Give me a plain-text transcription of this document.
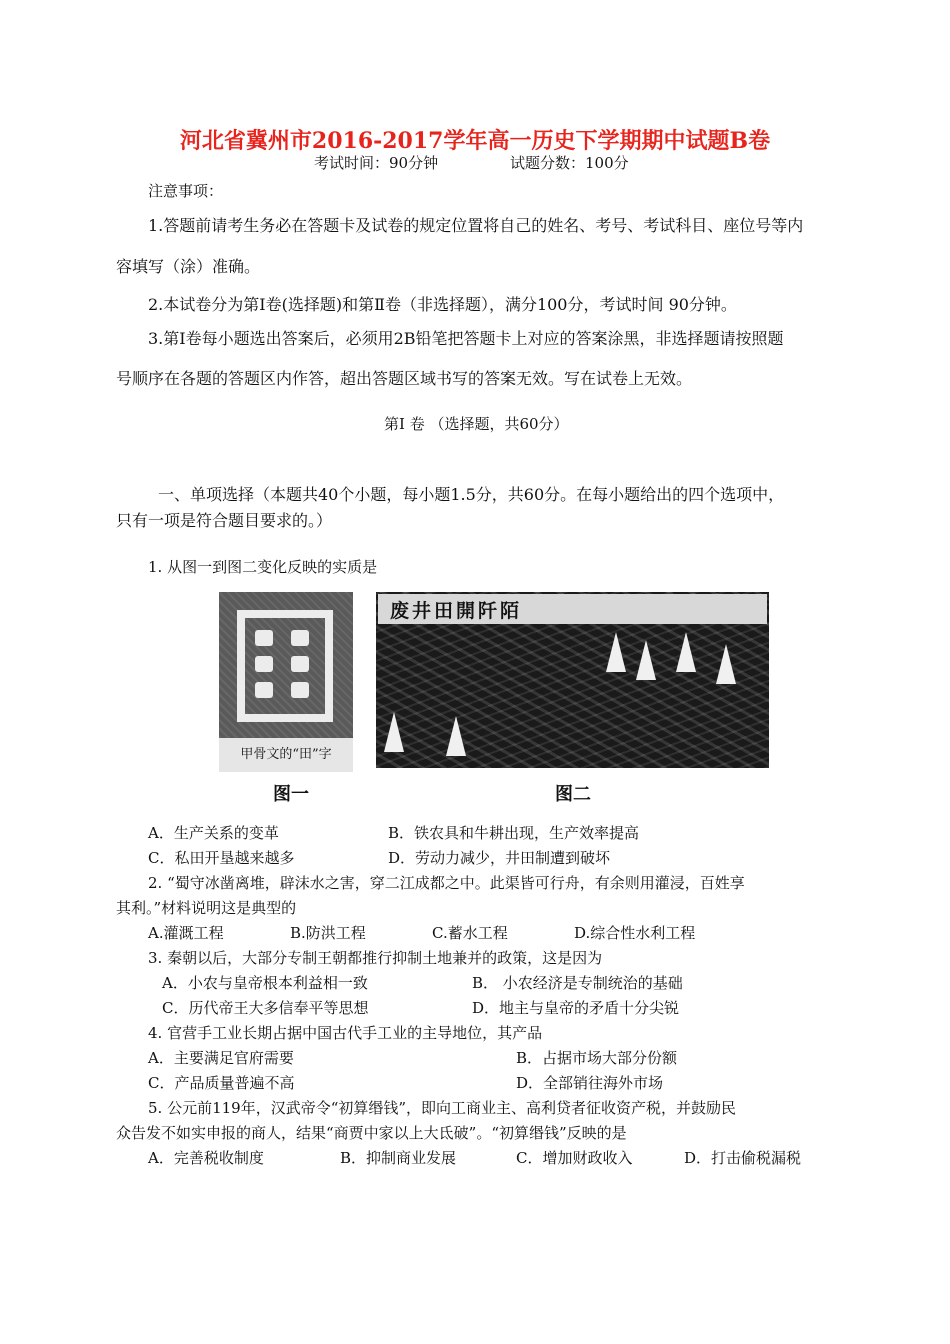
河北省冀州市2016-2017学年高一历史下学期期中试题B卷
考试时间：90分钟	试题分数：100分
注意事项：
1.答题前请考生务必在答题卡及试卷的规定位置将自己的姓名、考号、考试科目、座位号等内
容填写（涂）准确。
2.本试卷分为第Ⅰ卷(选择题)和第Ⅱ卷（非选择题），满分100分，考试时间 90分钟。
3.第Ⅰ卷每小题选出答案后，必须用2B铅笔把答题卡上对应的答案涂黑，非选择题请按照题
号顺序在各题的答题区内作答，超出答题区域书写的答案无效。写在试卷上无效。
第Ⅰ 卷 （选择题，共60分）
一、单项选择（本题共40个小题，每小题1.5分，共60分。在每小题给出的四个选项中，
只有一项是符合题目要求的。）
1. 从图一到图二变化反映的实质是
甲骨文的“田”字
废井田開阡陌
图一	图二
A．生产关系的变革	B．铁农具和牛耕出现，生产效率提高
C．私田开垦越来越多	D．劳动力减少，井田制遭到破坏
2. “蜀守冰凿离堆，辟沫水之害，穿二江成都之中。此渠皆可行舟，有余则用灌浸，百姓享
其利。”材料说明这是典型的
A.灌溉工程	B.防洪工程	C.蓄水工程	D.综合性水利工程
3. 秦朝以后，大部分专制王朝都推行抑制土地兼并的政策，这是因为
A．小农与皇帝根本利益相一致	B． 小农经济是专制统治的基础
C．历代帝王大多信奉平等思想	D．地主与皇帝的矛盾十分尖锐
4. 官营手工业长期占据中国古代手工业的主导地位，其产品
A．主要满足官府需要	B．占据市场大部分份额
C．产品质量普遍不高	D．全部销往海外市场
5. 公元前119年，汉武帝令“初算缗钱”，即向工商业主、高利贷者征收资产税，并鼓励民
众告发不如实申报的商人，结果“商贾中家以上大氐破”。“初算缗钱”反映的是
A．完善税收制度	B．抑制商业发展	C．增加财政收入	D．打击偷税漏税
